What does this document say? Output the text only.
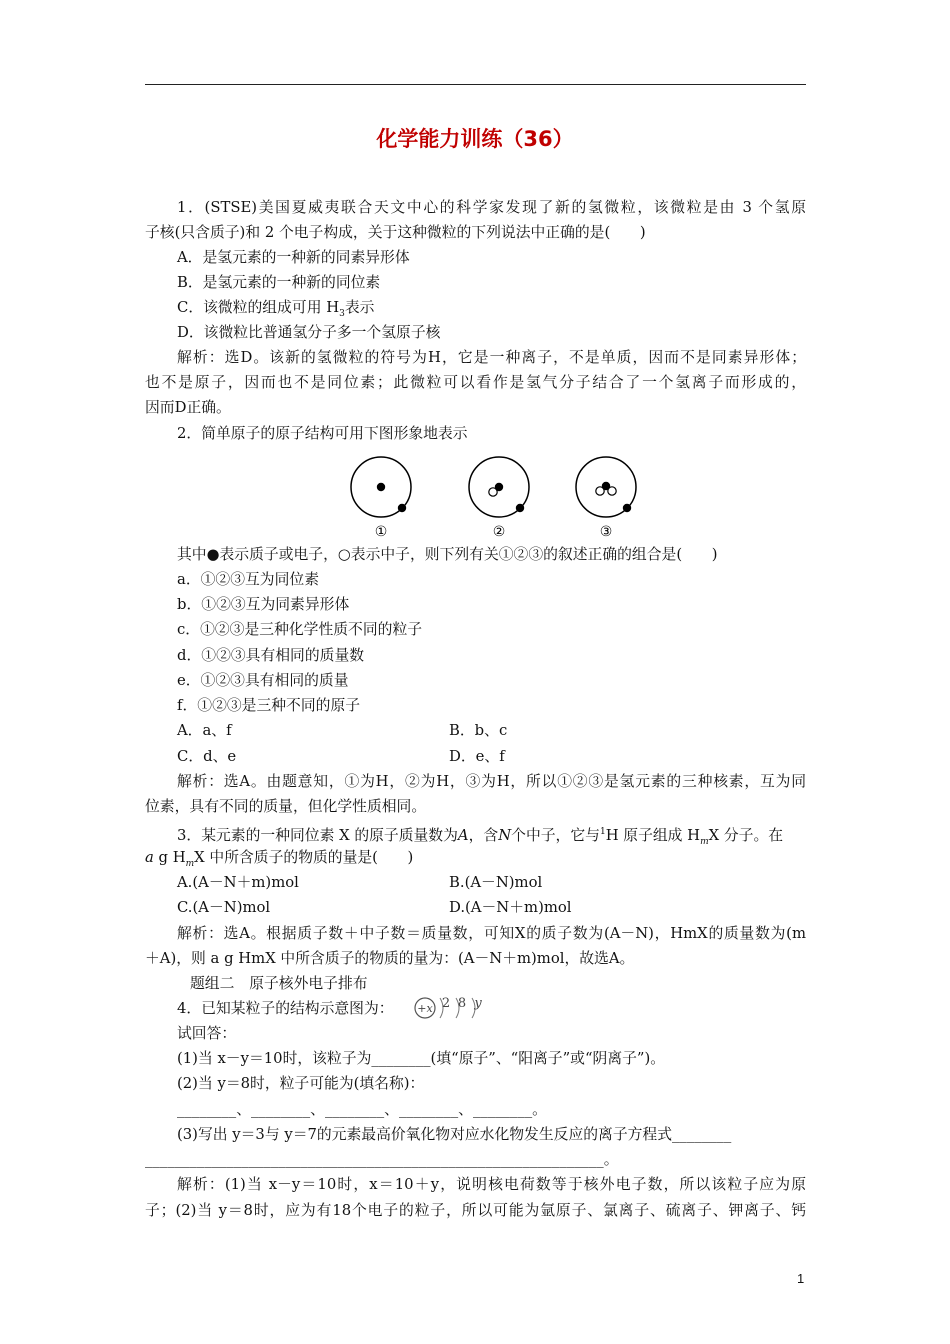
化学能力训练（36）
1．(STSE)美国夏威夷联合天文中心的科学家发现了新的氢微粒，该微粒是由 3 个氢原
子核(只含质子)和 2 个电子构成，关于这种微粒的下列说法中正确的是(　　)
A．是氢元素的一种新的同素异形体
B．是氢元素的一种新的同位素
C．该微粒的组成可用 $H_3$表示
D．该微粒比普通氢分子多一个氢原子核
解析：选D。该新的氢微粒的符号为H，它是一种离子，不是单质，因而不是同素异形体；
也不是原子，因而也不是同位素；此微粒可以看作是氢气分子结合了一个氢离子而形成的，
因而D正确。
2．简单原子的原子结构可用下图形象地表示
①	②	③
其中●表示质子或电子，○表示中子，则下列有关①②③的叙述正确的组合是(　　)
a．①②③互为同位素
b．①②③互为同素异形体
c．①②③是三种化学性质不同的粒子
d．①②③具有相同的质量数
e．①②③具有相同的质量
f．①②③是三种不同的原子
A．a、f	B．b、c
C．d、e	D．e、f
解析：选A。由题意知，①为H，②为H，③为H，所以①②③是氢元素的三种核素，互为同
位素，具有不同的质量，但化学性质相同。
3．某元素的一种同位素 X 的原子质量数为A，含N个中子，它与$^1$H 原子组成 $H_mX$ 分子。在
a g $H_mX$ 中所含质子的物质的量是(　　)
A.(A－N＋m)mol	B.(A－N)mol
C.(A－N)mol	D.(A－N＋m)mol
解析：选A。根据质子数＋中子数＝质量数，可知X的质子数为(A－N)，HmX的质量数为(m
＋A)，则 a g HmX 中所含质子的物质的量为：(A－N＋m)mol，故选A。
题组二　原子核外电子排布
4．已知某粒子的结构示意图为： +x 2 8 y
试回答：
(1)当 x－y＝10时，该粒子为________(填“原子”、“阳离子”或“阴离子”)。
(2)当 y＝8时，粒子可能为(填名称)：
________、________、________、________、________。
(3)写出 y＝3与 y＝7的元素最高价氧化物对应水化物发生反应的离子方程式________
______________________________________________________________。
解析：(1)当 x－y＝10时，x＝10＋y，说明核电荷数等于核外电子数，所以该粒子应为原
子；(2)当 y＝8时，应为有18个电子的粒子，所以可能为氩原子、氯离子、硫离子、钾离子、钙
1
